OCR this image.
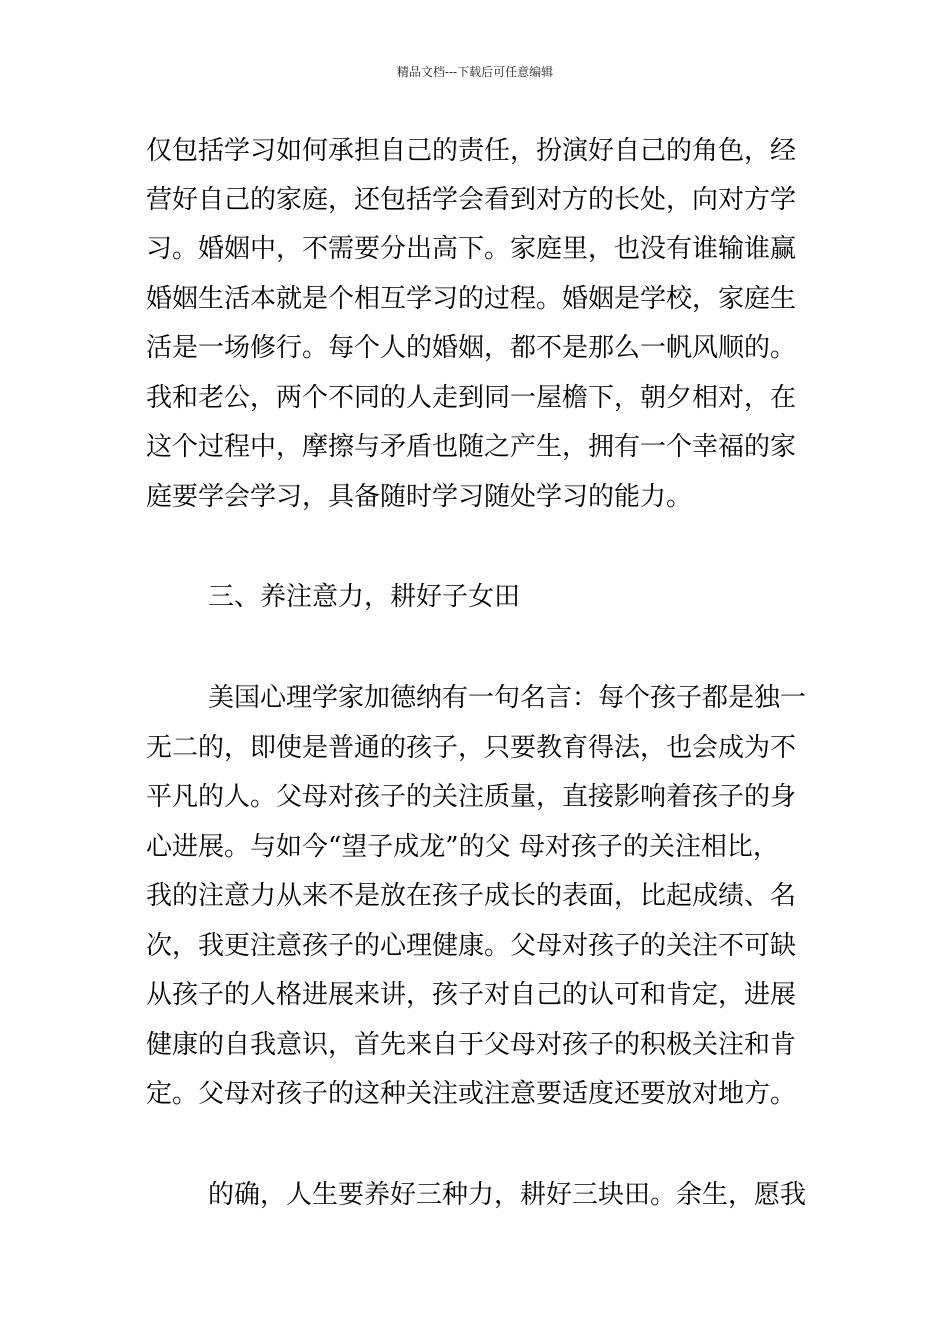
精品文档---下载后可任意编辑
仅包括学习如何承担自己的责任，扮演好自己的角色，经
营好自己的家庭，还包括学会看到对方的长处，向对方学
习。婚姻中，不需要分出高下。家庭里，也没有谁输谁赢
婚姻生活本就是个相互学习的过程。婚姻是学校，家庭生
活是一场修行。每个人的婚姻，都不是那么一帆风顺的。
我和老公，两个不同的人走到同一屋檐下，朝夕相对，在
这个过程中，摩擦与矛盾也随之产生，拥有一个幸福的家
庭要学会学习，具备随时学习随处学习的能力。
三、养注意力，耕好子女田
美国心理学家加德纳有一句名言：每个孩子都是独一
无二的，即使是普通的孩子，只要教育得法，也会成为不
平凡的人。父母对孩子的关注质量，直接影响着孩子的身
心进展。与如今“望子成龙”的父 母对孩子的关注相比，
我的注意力从来不是放在孩子成长的表面，比起成绩、名
次，我更注意孩子的心理健康。父母对孩子的关注不可缺
从孩子的人格进展来讲，孩子对自己的认可和肯定，进展
健康的自我意识，首先来自于父母对孩子的积极关注和肯
定。父母对孩子的这种关注或注意要适度还要放对地方。
的确，人生要养好三种力，耕好三块田。余生，愿我
